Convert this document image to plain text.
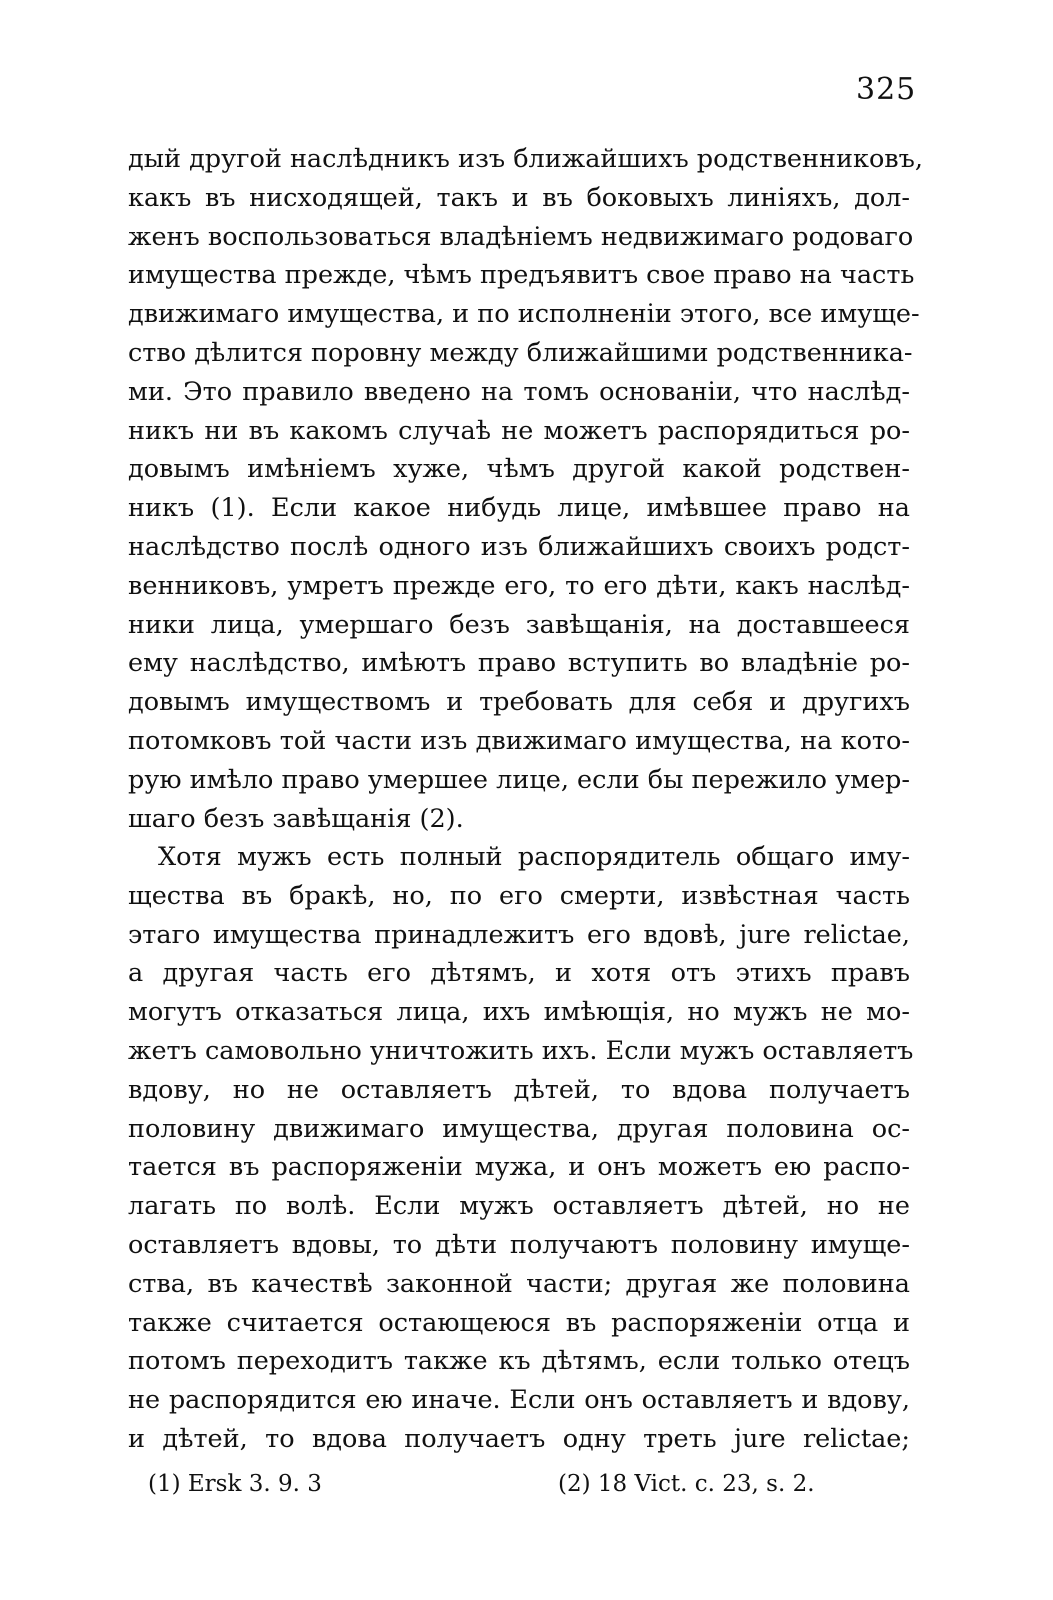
325
дый другой наслѣдникъ изъ ближайшихъ родственниковъ,
какъ въ нисходящей, такъ и въ боковыхъ линіяхъ, дол-
женъ воспользоваться владѣніемъ недвижимаго родоваго
имущества прежде, чѣмъ предъявитъ свое право на часть
движимаго имущества, и по исполненіи этого, все имуще-
ство дѣлится поровну между ближайшими родственника-
ми. Это правило введено на томъ основаніи, что наслѣд-
никъ ни въ какомъ случаѣ не можетъ распорядиться ро-
довымъ имѣніемъ хуже, чѣмъ другой какой родствен-
никъ (1). Если какое нибудь лице, имѣвшее право на
наслѣдство послѣ одного изъ ближайшихъ своихъ родст-
венниковъ, умретъ прежде его, то его дѣти, какъ наслѣд-
ники лица, умершаго безъ завѣщанія, на доставшееся
ему наслѣдство, имѣютъ право вступить во владѣніе ро-
довымъ имуществомъ и требовать для себя и другихъ
потомковъ той части изъ движимаго имущества, на кото-
рую имѣло право умершее лице, если бы пережило умер-
шаго безъ завѣщанія (2).
Хотя мужъ есть полный распорядитель общаго иму-
щества въ бракѣ, но, по его смерти, извѣстная часть
этаго имущества принадлежитъ его вдовѣ, jure relictae,
а другая часть его дѣтямъ, и хотя отъ этихъ правъ
могутъ отказаться лица, ихъ имѣющія, но мужъ не мо-
жетъ самовольно уничтожить ихъ. Если мужъ оставляетъ
вдову, но не оставляетъ дѣтей, то вдова получаетъ
половину движимаго имущества, другая половина ос-
тается въ распоряженіи мужа, и онъ можетъ ею распо-
лагать по волѣ. Если мужъ оставляетъ дѣтей, но не
оставляетъ вдовы, то дѣти получаютъ половину имуще-
ства, въ качествѣ законной части; другая же половина
также считается остающеюся въ распоряженіи отца и
потомъ переходитъ также къ дѣтямъ, если только отецъ
не распорядится ею иначе. Если онъ оставляетъ и вдову,
и дѣтей, то вдова получаетъ одну треть jure relictae;
(1) Ersk 3. 9. 3	(2) 18 Vict. c. 23, s. 2.
